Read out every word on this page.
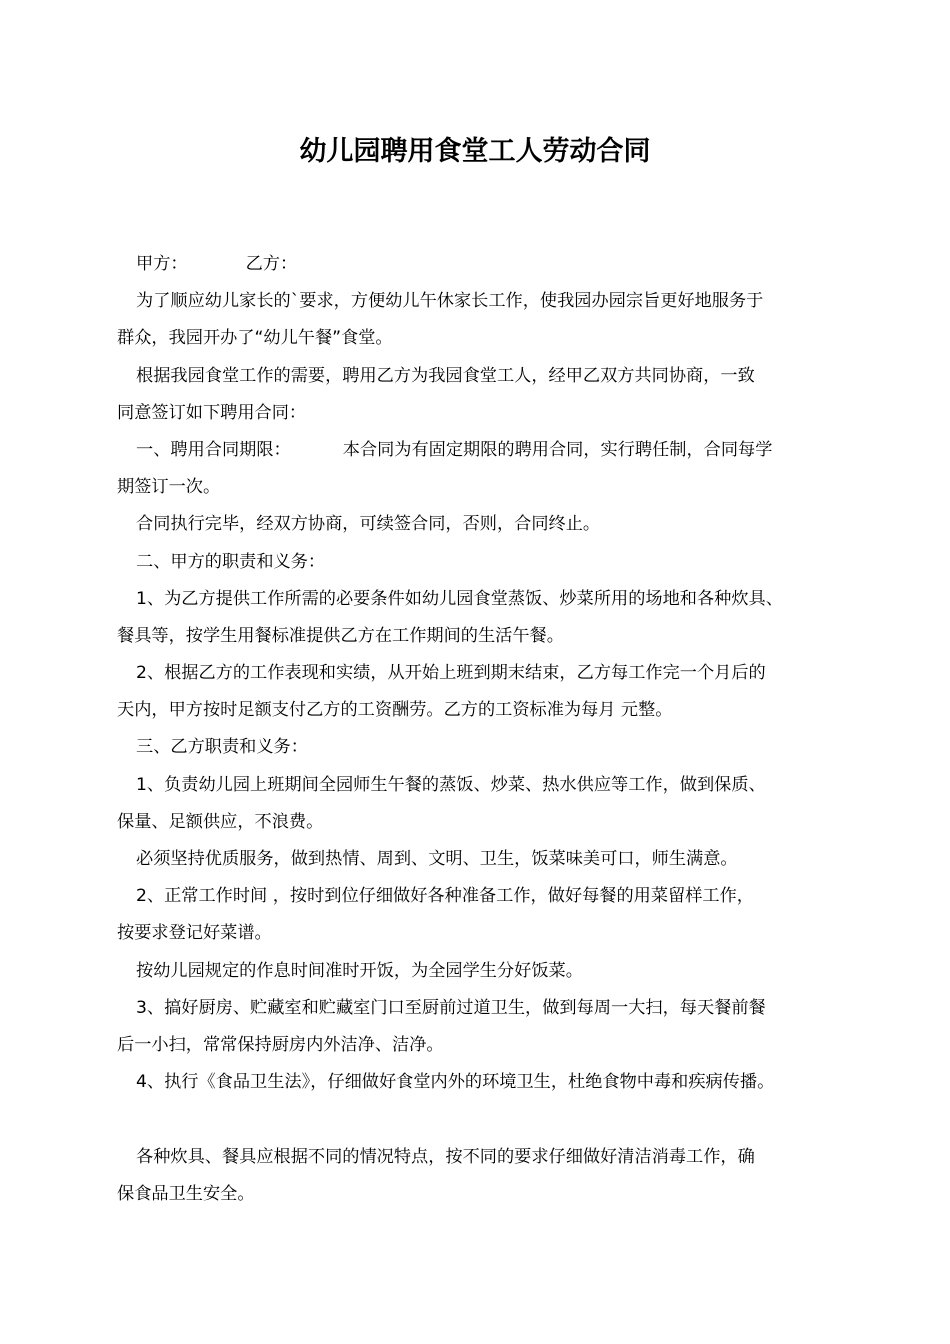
幼儿园聘用食堂工人劳动合同
甲方：	乙方：
为了顺应幼儿家长的`要求，方便幼儿午休家长工作，使我园办园宗旨更好地服务于
群众，我园开办了“幼儿午餐”食堂。
根据我园食堂工作的需要，聘用乙方为我园食堂工人，经甲乙双方共同协商，一致
同意签订如下聘用合同：
一、聘用合同期限：	本合同为有固定期限的聘用合同，实行聘任制，合同每学
期签订一次。
合同执行完毕，经双方协商，可续签合同，否则，合同终止。
二、甲方的职责和义务：
1、为乙方提供工作所需的必要条件如幼儿园食堂蒸饭、炒菜所用的场地和各种炊具、
餐具等，按学生用餐标准提供乙方在工作期间的生活午餐。
2、根据乙方的工作表现和实绩，从开始上班到期末结束，乙方每工作完一个月后的
天内，甲方按时足额支付乙方的工资酬劳。乙方的工资标准为每月 元整。
三、乙方职责和义务：
1、负责幼儿园上班期间全园师生午餐的蒸饭、炒菜、热水供应等工作，做到保质、
保量、足额供应，不浪费。
必须坚持优质服务，做到热情、周到、文明、卫生，饭菜味美可口，师生满意。
2、正常工作时间 ，按时到位仔细做好各种准备工作，做好每餐的用菜留样工作，
按要求登记好菜谱。
按幼儿园规定的作息时间准时开饭，为全园学生分好饭菜。
3、搞好厨房、贮藏室和贮藏室门口至厨前过道卫生，做到每周一大扫，每天餐前餐
后一小扫，常常保持厨房内外洁净、洁净。
4、执行《食品卫生法》，仔细做好食堂内外的环境卫生，杜绝食物中毒和疾病传播。
各种炊具、餐具应根据不同的情况特点，按不同的要求仔细做好清洁消毒工作，确
保食品卫生安全。
